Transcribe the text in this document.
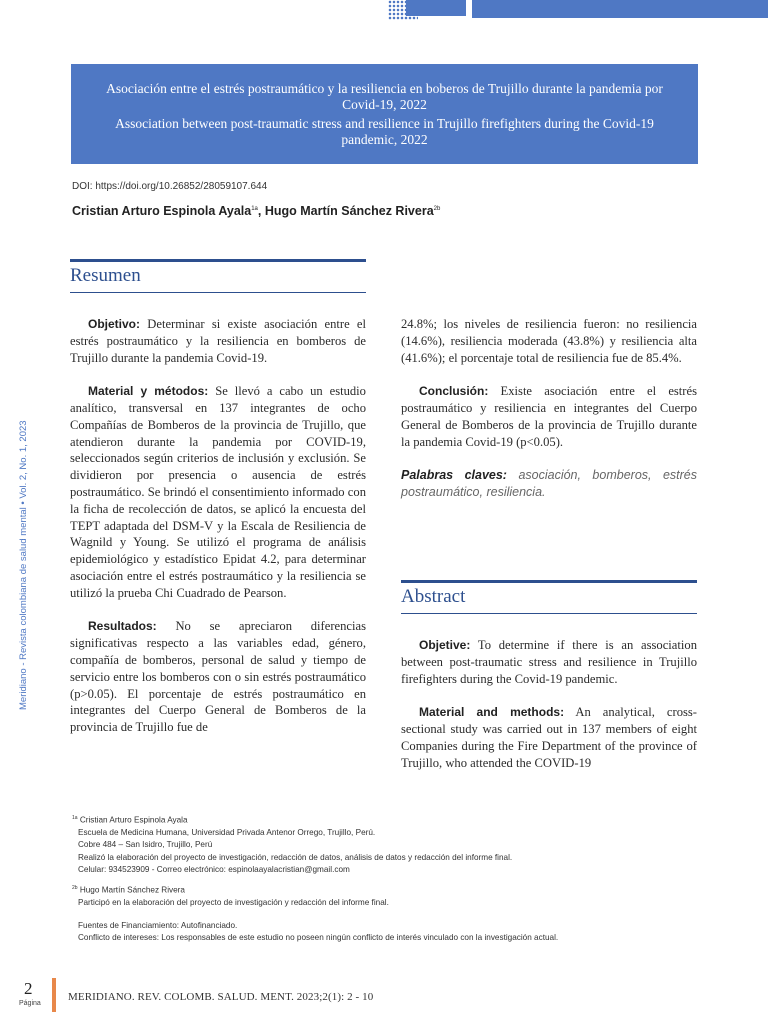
Asociación entre el estrés postraumático y la resiliencia en boberos de Trujillo durante la pandemia por Covid-19, 2022
Association between post-traumatic stress and resilience in Trujillo firefighters during the Covid-19 pandemic, 2022
DOI: https://doi.org/10.26852/28059107.644
Cristian Arturo Espinola Ayala$^{1a}$, Hugo Martín Sánchez Rivera$^{2b}$
Meridiano - Revista colombiana de salud mental • Vol. 2, No. 1, 2023
Resumen

Objetivo: Determinar si existe asociación entre el estrés postraumático y la resiliencia en bomberos de Trujillo durante la pandemia Covid-19.

Material y métodos: Se llevó a cabo un estudio analítico, transversal en 137 integrantes de ocho Compañías de Bomberos de la provincia de Trujillo, que atendieron durante la pandemia por COVID-19, seleccionados según criterios de inclusión y exclusión. Se dividieron por presencia o ausencia de estrés postraumático. Se brindó el consentimiento informado con la ficha de recolección de datos, se aplicó la encuesta del TEPT adaptada del DSM-V y la Escala de Resiliencia de Wagnild y Young. Se utilizó el programa de análisis epidemiológico y estadístico Epidat 4.2, para determinar asociación entre el estrés postraumático y la resiliencia se utilizó la prueba Chi Cuadrado de Pearson.

Resultados: No se apreciaron diferencias significativas respecto a las variables edad, género, compañía de bomberos, personal de salud y tiempo de servicio entre los bomberos con o sin estrés postraumático (p>0.05). El porcentaje de estrés postraumático en integrantes del Cuerpo General de Bomberos de la provincia de Trujillo fue de

24.8%; los niveles de resiliencia fueron: no resiliencia (14.6%), resiliencia moderada (43.8%) y resiliencia alta (41.6%); el porcentaje total de resiliencia fue de 85.4%.

Conclusión: Existe asociación entre el estrés postraumático y resiliencia en integrantes del Cuerpo General de Bomberos de la provincia de Trujillo durante la pandemia Covid-19 (p<0.05).

Palabras claves: asociación, bomberos, estrés postraumático, resiliencia.
Abstract

Objetive: To determine if there is an association between post-traumatic stress and resilience in Trujillo firefighters during the Covid-19 pandemic.

Material and methods: An analytical, cross-sectional study was carried out in 137 members of eight Companies during the Fire Department of the province of Trujillo, who attended the COVID-19

$^{1a}$ Cristian Arturo Espinola Ayala
Escuela de Medicina Humana, Universidad Privada Antenor Orrego, Trujillo, Perú.
Cobre 484 – San Isidro, Trujillo, Perú
Realizó la elaboración del proyecto de investigación, redacción de datos, análisis de datos y redacción del informe final.
Celular: 934523909 - Correo electrónico: espinolaayalacristian@gmail.com
$^{2b}$ Hugo Martín Sánchez Rivera
Participó en la elaboración del proyecto de investigación y redacción del informe final.
Fuentes de Financiamiento: Autofinanciado.
Conflicto de intereses: Los responsables de este estudio no poseen ningún conflicto de interés vinculado con la investigación actual.
2
Página
MERIDIANO. REV. COLOMB. SALUD. MENT. 2023;2(1): 2 - 10
